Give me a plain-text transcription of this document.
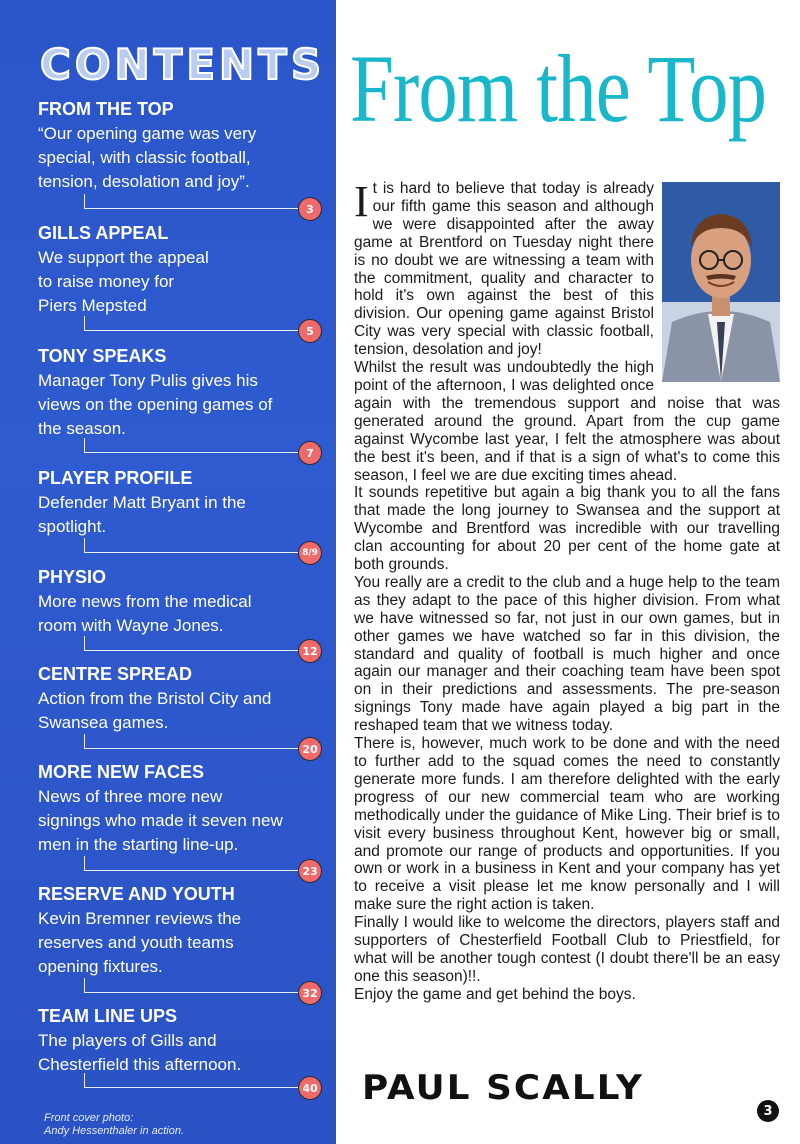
CONTENTS
FROM THE TOP
“Our opening game was very
special, with classic football,
tension, desolation and joy”.
3
GILLS APPEAL
We support the appeal
to raise money for
Piers Mepsted
5
TONY SPEAKS
Manager Tony Pulis gives his
views on the opening games of
the season.
7
PLAYER PROFILE
Defender Matt Bryant in the
spotlight.
8/9
PHYSIO
More news from the medical
room with Wayne Jones.
12
CENTRE SPREAD
Action from the Bristol City and
Swansea games.
20
MORE NEW FACES
News of three more new
signings who made it seven new
men in the starting line-up.
23
RESERVE AND YOUTH
Kevin Bremner reviews the
reserves and youth teams
opening fixtures.
32
TEAM LINE UPS
The players of Gills and
Chesterfield this afternoon.
40
Front cover photo:
Andy Hessenthaler in action.
From the Top

It is hard to believe that today is already our fifth game this season and although we were disappointed after the away game at Brentford on Tuesday night there is no doubt we are witnessing a team with the commitment, quality and character to hold it's own against the best of this division. Our opening game against Bristol City was very special with classic football, tension, desolation and joy!

Whilst the result was undoubtedly the high point of the afternoon, I was delighted once again with the tremendous support and noise that was generated around the ground. Apart from the cup game against Wycombe last year, I felt the atmosphere was about the best it's been, and if that is a sign of what's to come this season, I feel we are due exciting times ahead.

It sounds repetitive but again a big thank you to all the fans that made the long journey to Swansea and the support at Wycombe and Brentford was incredible with our travelling clan accounting for about 20 per cent of the home gate at both grounds.

You really are a credit to the club and a huge help to the team as they adapt to the pace of this higher division. From what we have witnessed so far, not just in our own games, but in other games we have watched so far in this division, the standard and quality of football is much higher and once again our manager and their coaching team have been spot on in their predictions and assessments. The pre-season signings Tony made have again played a big part in the reshaped team that we witness today.

There is, however, much work to be done and with the need to further add to the squad comes the need to constantly generate more funds. I am therefore delighted with the early progress of our new commercial team who are working methodically under the guidance of Mike Ling. Their brief is to visit every business throughout Kent, however big or small, and promote our range of products and opportunities. If you own or work in a business in Kent and your company has yet to receive a visit please let me know personally and I will make sure the right action is taken.

Finally I would like to welcome the directors, players staff and supporters of Chesterfield Football Club to Priestfield, for what will be another tough contest (I doubt there'll be an easy one this season)!!.

Enjoy the game and get behind the boys.

PAUL SCALLY
3
